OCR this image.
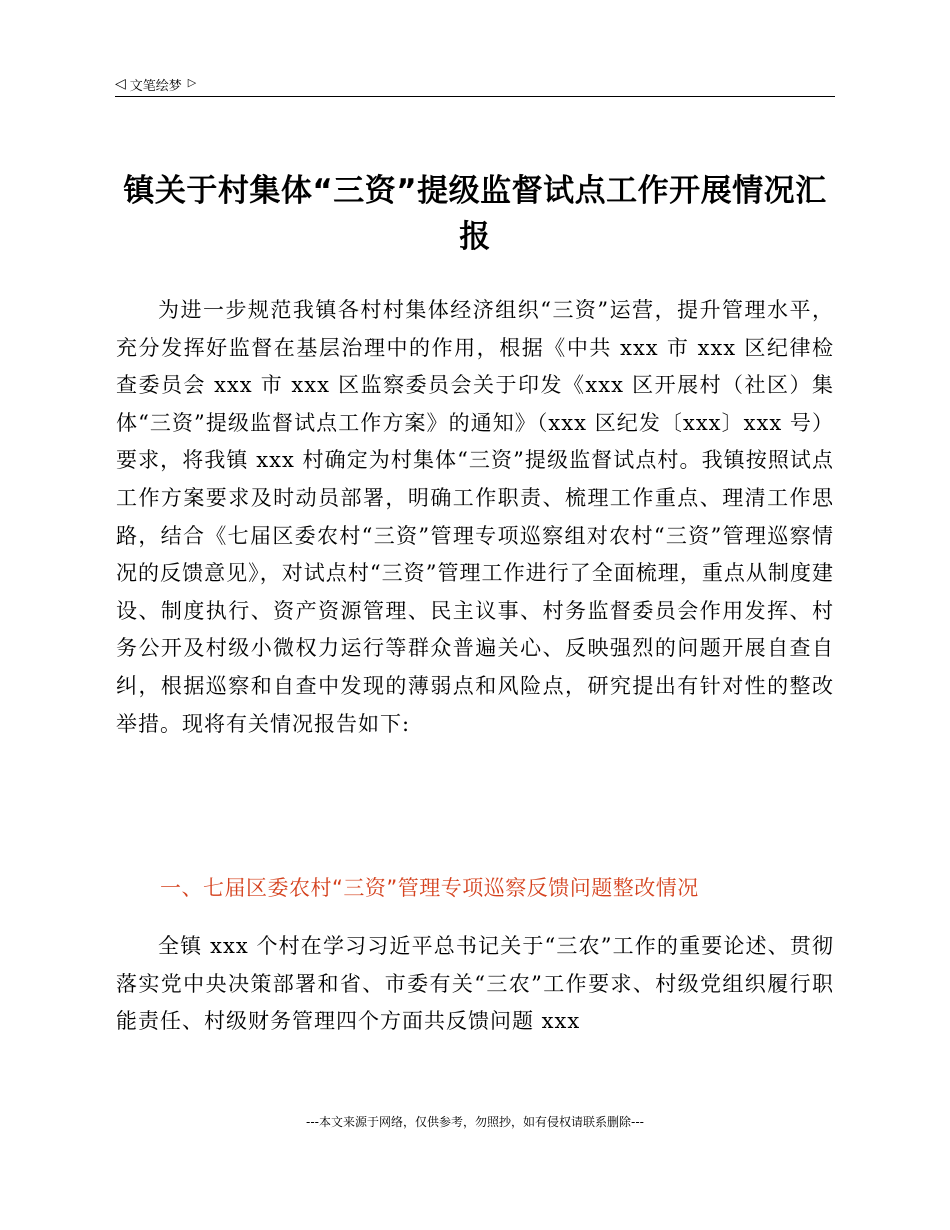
◁ 文笔绘梦 ▷
镇关于村集体“三资”提级监督试点工作开展情况汇报

为进一步规范我镇各村村集体经济组织“三资”运营，提升管理水平，充分发挥好监督在基层治理中的作用，根据《中共 xxx 市 xxx 区纪律检查委员会 xxx 市 xxx 区监察委员会关于印发《xxx 区开展村（社区）集体“三资”提级监督试点工作方案》的通知》（xxx 区纪发〔xxx〕xxx 号）要求，将我镇 xxx 村确定为村集体“三资”提级监督试点村。我镇按照试点工作方案要求及时动员部署，明确工作职责、梳理工作重点、理清工作思路，结合《七届区委农村“三资”管理专项巡察组对农村“三资”管理巡察情况的反馈意见》，对试点村“三资”管理工作进行了全面梳理，重点从制度建设、制度执行、资产资源管理、民主议事、村务监督委员会作用发挥、村务公开及村级小微权力运行等群众普遍关心、反映强烈的问题开展自查自纠，根据巡察和自查中发现的薄弱点和风险点，研究提出有针对性的整改举措。现将有关情况报告如下:

一、七届区委农村“三资”管理专项巡察反馈问题整改情况

全镇 xxx 个村在学习习近平总书记关于“三农”工作的重要论述、贯彻落实党中央决策部署和省、市委有关“三农”工作要求、村级党组织履行职能责任、村级财务管理四个方面共反馈问题 xxx

---本文来源于网络，仅供参考，勿照抄，如有侵权请联系删除---
